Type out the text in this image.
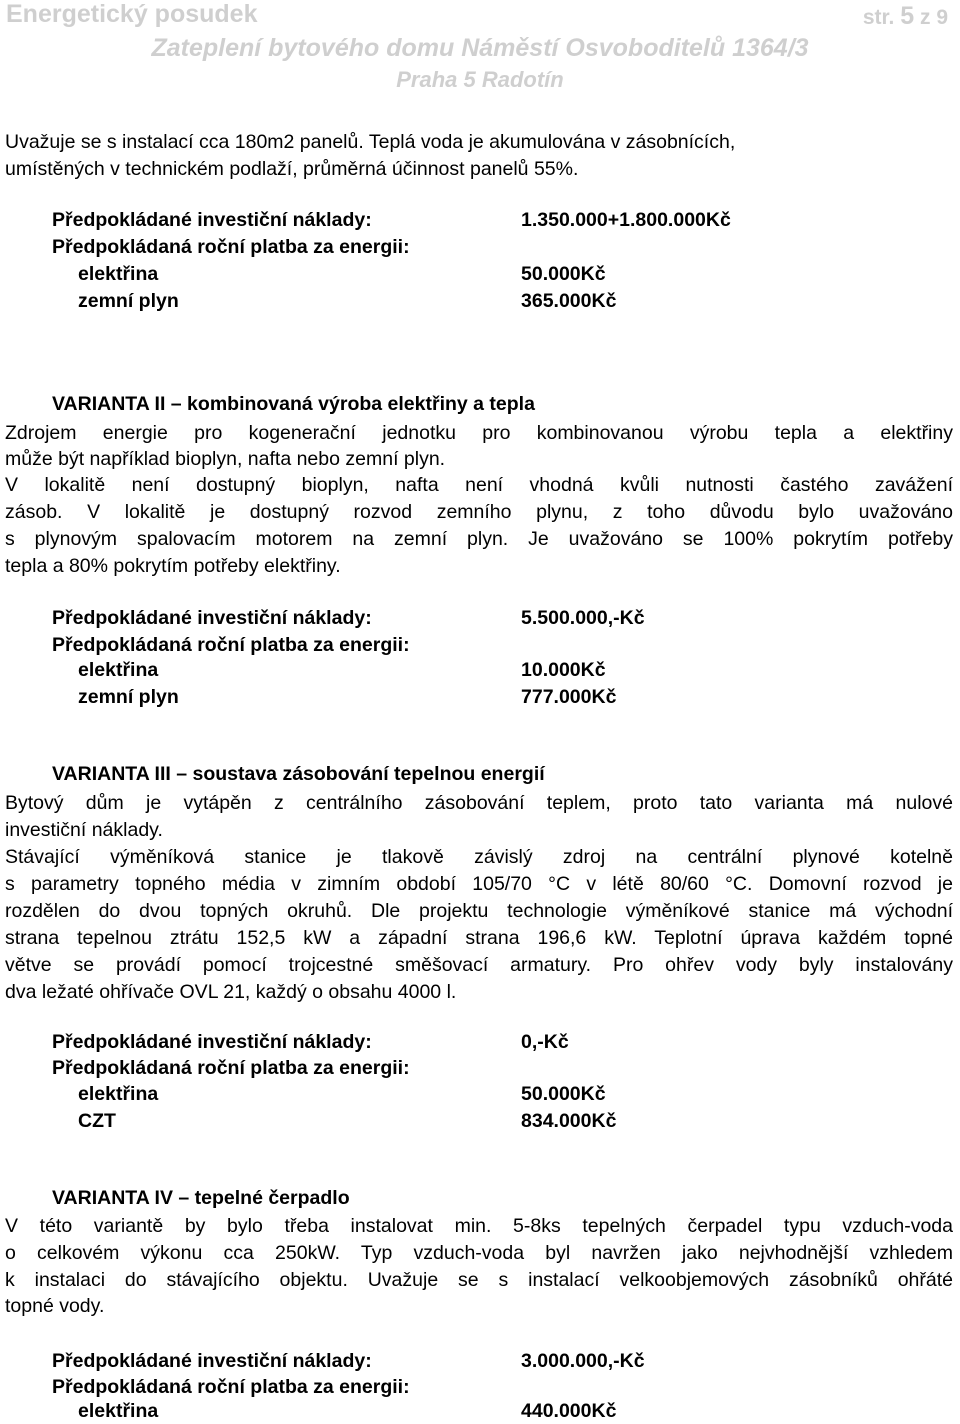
Energetický posudek	str. 5 z 9
Zateplení bytového domu Náměstí Osvoboditelů 1364/3
Praha 5 Radotín
Uvažuje se s instalací cca 180m2 panelů. Teplá voda je akumulována v zásobnících,
umístěných v technickém podlaží, průměrná účinnost panelů 55%.
Předpokládané investiční náklady:	1.350.000+1.800.000Kč
Předpokládaná roční platba za energii:
elektřina	50.000Kč
zemní plyn	365.000Kč
VARIANTA II – kombinovaná výroba elektřiny a tepla
Zdrojem energie pro kogenerační jednotku pro kombinovanou výrobu tepla a elektřiny
může být například bioplyn, nafta nebo zemní plyn.
V lokalitě není dostupný bioplyn, nafta není vhodná kvůli nutnosti častého zavážení
zásob. V lokalitě je dostupný rozvod zemního plynu, z toho důvodu bylo uvažováno
s plynovým spalovacím motorem na zemní plyn. Je uvažováno se 100% pokrytím potřeby
tepla a 80% pokrytím potřeby elektřiny.
Předpokládané investiční náklady:	5.500.000,-Kč
Předpokládaná roční platba za energii:
elektřina	10.000Kč
zemní plyn	777.000Kč
VARIANTA III – soustava zásobování tepelnou energií
Bytový dům je vytápěn z centrálního zásobování teplem, proto tato varianta má nulové
investiční náklady.
Stávající výměníková stanice je tlakově závislý zdroj na centrální plynové kotelně
s parametry topného média v zimním období 105/70 °C v létě 80/60 °C. Domovní rozvod je
rozdělen do dvou topných okruhů. Dle projektu technologie výměníkové stanice má východní
strana tepelnou ztrátu 152,5 kW a západní strana 196,6 kW. Teplotní úprava každém topné
větve se provádí pomocí trojcestné směšovací armatury. Pro ohřev vody byly instalovány
dva ležaté ohřívače OVL 21, každý o obsahu 4000 l.
Předpokládané investiční náklady:	0,-Kč
Předpokládaná roční platba za energii:
elektřina	50.000Kč
CZT	834.000Kč
VARIANTA IV – tepelné čerpadlo
V této variantě by bylo třeba instalovat min. 5-8ks tepelných čerpadel typu vzduch-voda
o celkovém výkonu cca 250kW. Typ vzduch-voda byl navržen jako nejvhodnější vzhledem
k instalaci do stávajícího objektu. Uvažuje se s instalací velkoobjemových zásobníků ohřáté
topné vody.
Předpokládané investiční náklady:	3.000.000,-Kč
Předpokládaná roční platba za energii:
elektřina	440.000Kč
